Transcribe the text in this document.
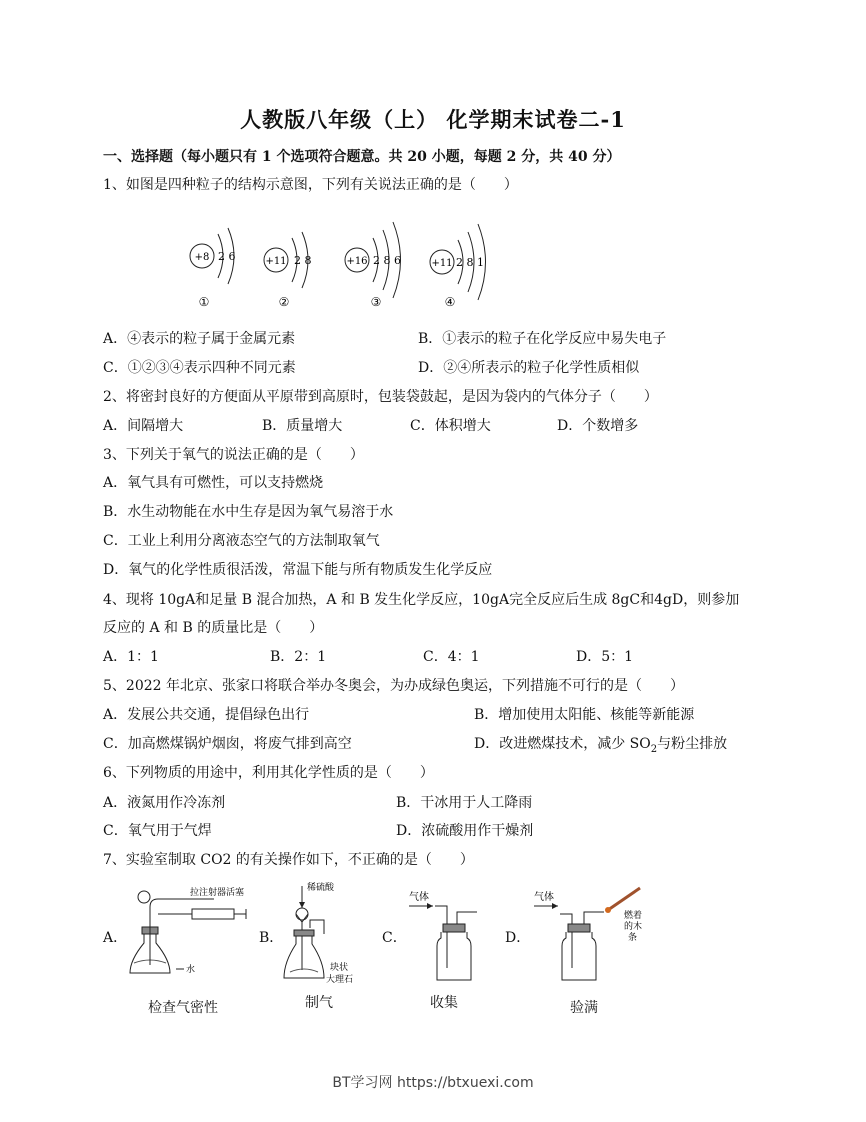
人教版八年级（上） 化学期末试卷二-1
一、选择题（每小题只有 1 个选项符合题意。共 20 小题，每题 2 分，共 40 分）
1、如图是四种粒子的结构示意图，下列有关说法正确的是（　　）
+8 2 6
①
+11 2 8
②
+16 2 8 6
③
+11 2 8 1
④
A．④表示的粒子属于金属元素	B．①表示的粒子在化学反应中易失电子
C．①②③④表示四种不同元素	D．②④所表示的粒子化学性质相似
2、将密封良好的方便面从平原带到高原时，包装袋鼓起，是因为袋内的气体分子（　　）
A．间隔增大	B．质量增大	C．体积增大	D．个数增多
3、下列关于氧气的说法正确的是（　　）
A．氧气具有可燃性，可以支持燃烧
B．水生动物能在水中生存是因为氧气易溶于水
C．工业上利用分离液态空气的方法制取氧气
D．氧气的化学性质很活泼，常温下能与所有物质发生化学反应
4、现将 10gA和足量 B 混合加热，A 和 B 发生化学反应，10gA完全反应后生成 8gC和4gD，则参加
反应的 A 和 B 的质量比是（　　）
A．1：1	B．2：1	C．4：1	D．5：1
5、2022 年北京、张家口将联合举办冬奥会，为办成绿色奥运，下列措施不可行的是（　　）
A．发展公共交通，提倡绿色出行	B．增加使用太阳能、核能等新能源
C．加高燃煤锅炉烟囱，将废气排到高空	D．改进燃煤技术，减少 $SO_2$与粉尘排放
6、下列物质的用途中，利用其化学性质的是（　　）
A．液氮用作冷冻剂	B．干冰用于人工降雨
C．氧气用于气焊	D．浓硫酸用作干燥剂
7、实验室制取 CO2 的有关操作如下，不正确的是（　　）
A．	B．	C．	D．
拉注射器活塞
水
稀硫酸
块状
大理石
气体	气体
燃着
的木
条
检查气密性	制气	收集	验满
BT学习网 https://btxuexi.com
